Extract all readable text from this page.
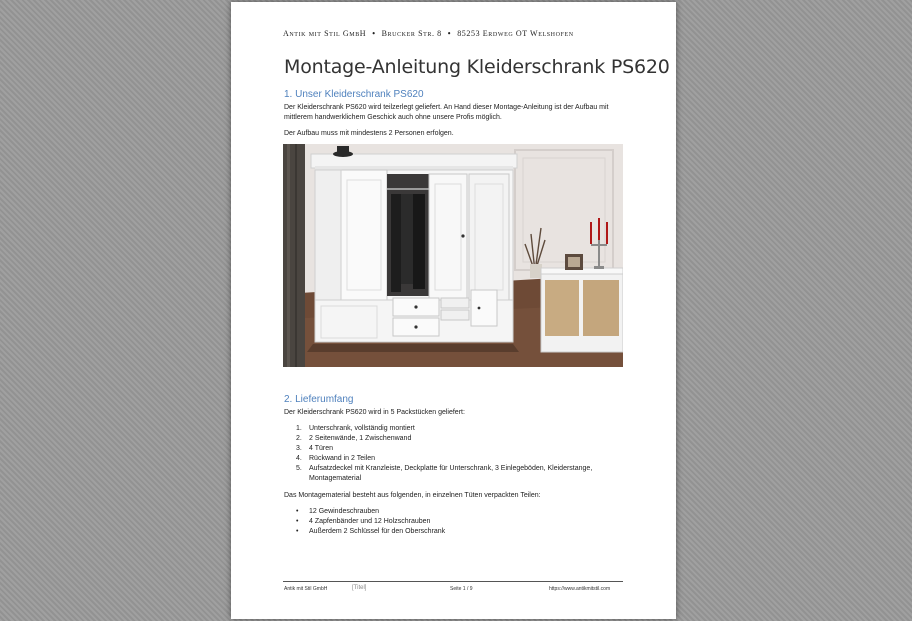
Antik mit Stil GmbH • Brucker Str. 8 • 85253 Erdweg OT Welshofen
Montage-Anleitung Kleiderschrank PS620
1. Unser Kleiderschrank PS620
Der Kleiderschrank PS620 wird teilzerlegt geliefert. An Hand dieser Montage-Anleitung ist der Aufbau mit mittlerem handwerklichem Geschick auch ohne unsere Profis möglich.
Der Aufbau muss mit mindestens 2 Personen erfolgen.
2. Lieferumfang
Der Kleiderschrank PS620 wird in 5 Packstücken geliefert:
1. Unterschrank, vollständig montiert
2. 2 Seitenwände, 1 Zwischenwand
3. 4 Türen
4. Rückwand in 2 Teilen
5. Aufsatzdeckel mit Kranzleiste, Deckplatte für Unterschrank, 3 Einlegeböden, Kleiderstange, Montagematerial
Das Montagematerial besteht aus folgenden, in einzelnen Tüten verpackten Teilen:
• 12 Gewindeschrauben
• 4 Zapfenbänder und 12 Holzschrauben
• Außerdem 2 Schlüssel für den Oberschrank
Antik mit Stil GmbH	[Titel]	Seite 1 / 9	https://www.antikmitstil.com
